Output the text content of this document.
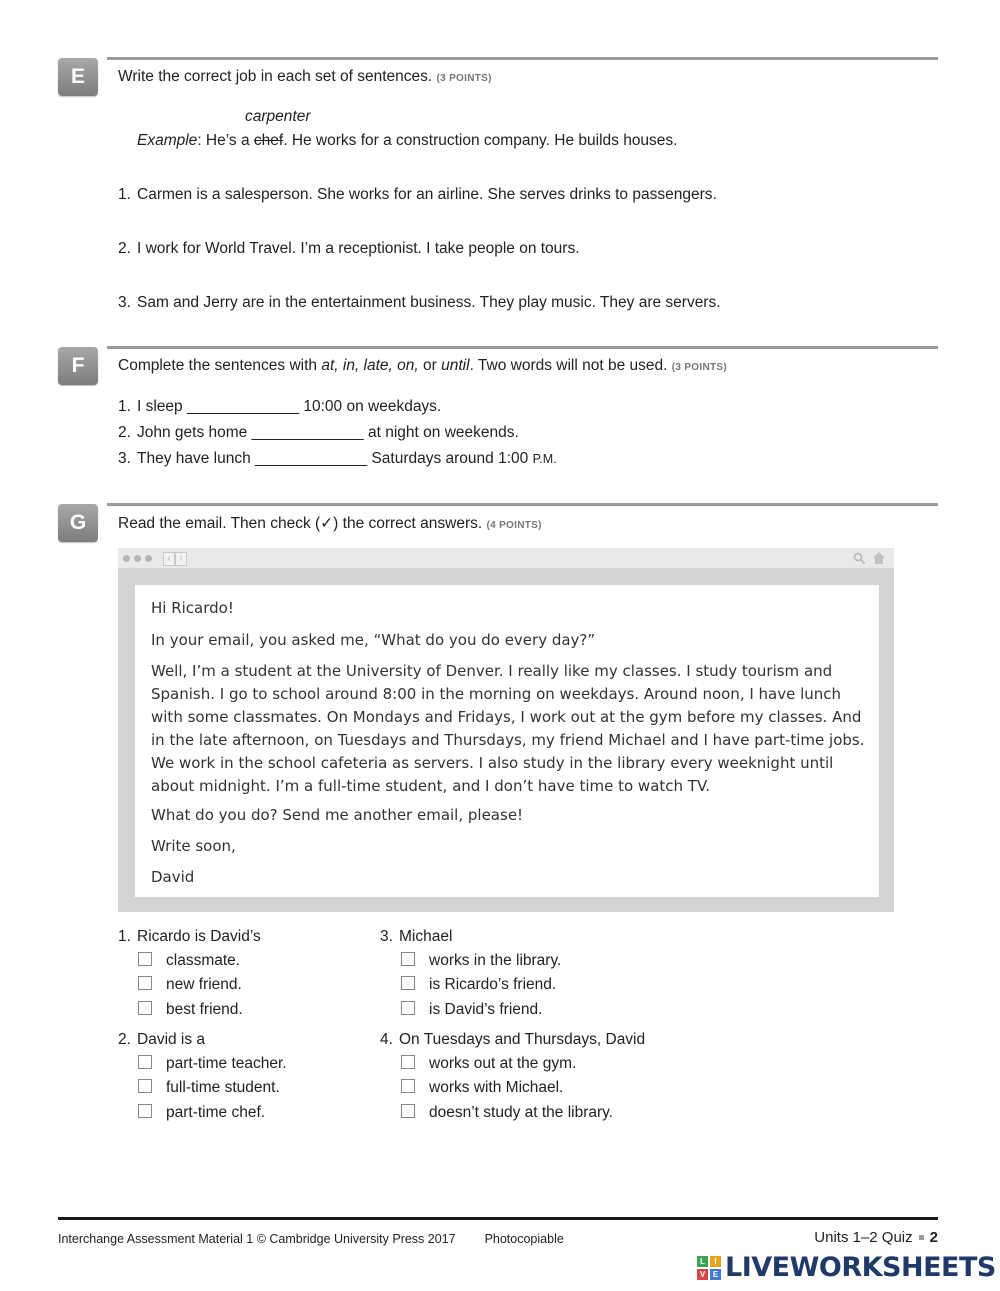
E	Write the correct job in each set of sentences. (3 POINTS)
carpenter
Example: He’s a chef. He works for a construction company. He builds houses.
1. Carmen is a salesperson. She works for an airline. She serves drinks to passengers.
2. I work for World Travel. I’m a receptionist. I take people on tours.
3. Sam and Jerry are in the entertainment business. They play music. They are servers.
F	Complete the sentences with at, in, late, on, or until. Two words will not be used. (3 POINTS)
1. I sleep _____________ 10:00 on weekdays.
2. John gets home _____________ at night on weekends.
3. They have lunch _____________ Saturdays around 1:00 P.M.
G	Read the email. Then check (✓) the correct answers. (4 POINTS)
‹ ›

Hi Ricardo!

In your email, you asked me, “What do you do every day?”

Well, I’m a student at the University of Denver. I really like my classes. I study tourism and Spanish. I go to school around 8:00 in the morning on weekdays. Around noon, I have lunch with some classmates. On Mondays and Fridays, I work out at the gym before my classes. And in the late afternoon, on Tuesdays and Thursdays, my friend Michael and I have part-time jobs. We work in the school cafeteria as servers. I also study in the library every weeknight until about midnight. I’m a full-time student, and I don’t have time to watch TV.

What do you do? Send me another email, please!

Write soon,

David

1. Ricardo is David’s
classmate.
new friend.
best friend.
2. David is a
part-time teacher.
full-time student.
part-time chef.
3. Michael
works in the library.
is Ricardo’s friend.
is David’s friend.
4. On Tuesdays and Thursdays, David
works out at the gym.
works with Michael.
doesn’t study at the library.
Interchange Assessment Material 1 © Cambridge University Press 2017 Photocopiable	Units 1–2 Quiz 2
L	I
V E LIVEWORKSHEETS
